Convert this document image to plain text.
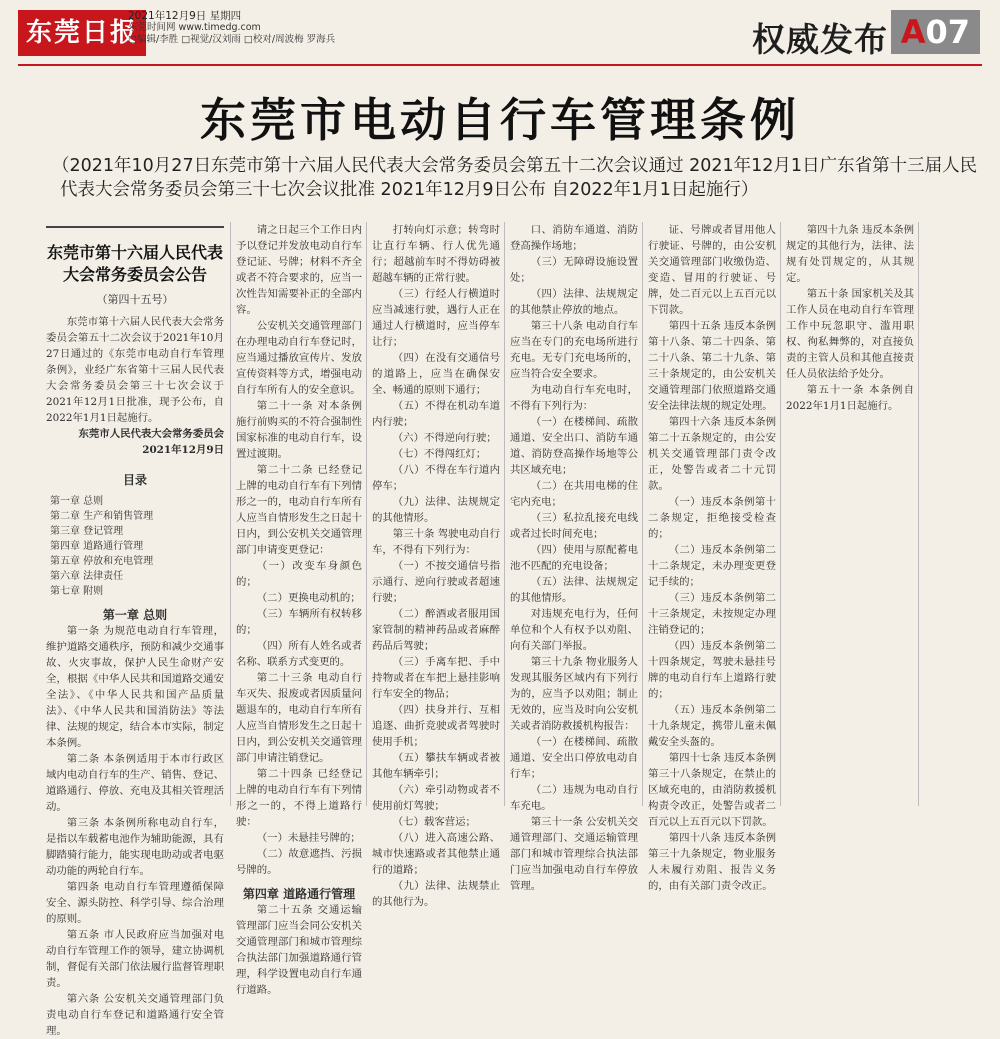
东莞日报
2021年12月9日 星期四
东莞时间网 www.timedg.com
□编辑/李胜 □视觉/汉刘雨 □校对/周波梅 罗海兵	权威发布 A07
东莞市电动自行车管理条例
（2021年10月27日东莞市第十六届人民代表大会常务委员会第五十二次会议通过 2021年12月1日广东省第十三届人民代表大会常务委员会第三十七次会议批准 2021年12月9日公布 自2022年1月1日起施行）
东莞市第十六届人民代表大会常务委员会公告
（第四十五号）

东莞市第十六届人民代表大会常务委员会第五十二次会议于2021年10月27日通过的《东莞市电动自行车管理条例》，业经广东省第十三届人民代表大会常务委员会第三十七次会议于2021年12月1日批准，现予公布，自2022年1月1日起施行。

东莞市人民代表大会常务委员会

2021年12月9日

目录
第一章 总则
第二章 生产和销售管理
第三章 登记管理
第四章 道路通行管理
第五章 停放和充电管理
第六章 法律责任
第七章 附则

第一章 总则

第一条 为规范电动自行车管理，维护道路交通秩序，预防和减少交通事故、火灾事故，保护人民生命财产安全，根据《中华人民共和国道路交通安全法》、《中华人民共和国产品质量法》、《中华人民共和国消防法》等法律、法规的规定，结合本市实际，制定本条例。

第二条 本条例适用于本市行政区域内电动自行车的生产、销售、登记、道路通行、停放、充电及其相关管理活动。

第三条 本条例所称电动自行车，是指以车载蓄电池作为辅助能源，具有脚踏骑行能力，能实现电助动或者电驱动功能的两轮自行车。

第四条 电动自行车管理遵循保障安全、源头防控、科学引导、综合治理的原则。

第五条 市人民政府应当加强对电动自行车管理工作的领导，建立协调机制，督促有关部门依法履行监督管理职责。

第六条 公安机关交通管理部门负责电动自行车登记和道路通行安全管理。

请之日起三个工作日内予以登记并发放电动自行车登记证、号牌；材料不齐全或者不符合要求的，应当一次性告知需要补正的全部内容。

公安机关交通管理部门在办理电动自行车登记时，应当通过播放宣传片、发放宣传资料等方式，增强电动自行车所有人的安全意识。

第二十一条 对本条例施行前购买的不符合强制性国家标准的电动自行车，设置过渡期。

第二十二条 已经登记上牌的电动自行车有下列情形之一的，电动自行车所有人应当自情形发生之日起十日内，到公安机关交通管理部门申请变更登记：

（一）改变车身颜色的；

（二）更换电动机的；

（三）车辆所有权转移的；

（四）所有人姓名或者名称、联系方式变更的。

第二十三条 电动自行车灭失、报废或者因质量问题退车的，电动自行车所有人应当自情形发生之日起十日内，到公安机关交通管理部门申请注销登记。

第二十四条 已经登记上牌的电动自行车有下列情形之一的，不得上道路行驶：

（一）未悬挂号牌的；

（二）故意遮挡、污损号牌的。

第四章 道路通行管理

第二十五条 交通运输管理部门应当会同公安机关交通管理部门和城市管理综合执法部门加强道路通行管理，科学设置电动自行车通行道路。

打转向灯示意；转弯时让直行车辆、行人优先通行；超越前车时不得妨碍被超越车辆的正常行驶。

（三）行经人行横道时应当减速行驶，遇行人正在通过人行横道时，应当停车让行；

（四）在没有交通信号的道路上，应当在确保安全、畅通的原则下通行；

（五）不得在机动车道内行驶；

（六）不得逆向行驶；

（七）不得闯红灯；

（八）不得在车行道内停车；

（九）法律、法规规定的其他情形。

第三十条 驾驶电动自行车，不得有下列行为：

（一）不按交通信号指示通行、逆向行驶或者超速行驶；

（二）醉酒或者服用国家管制的精神药品或者麻醉药品后驾驶；

（三）手离车把、手中持物或者在车把上悬挂影响行车安全的物品；

（四）扶身并行、互相追逐、曲折竞驶或者驾驶时使用手机；

（五）攀扶车辆或者被其他车辆牵引；

（六）牵引动物或者不使用前灯驾驶；

（七）载客营运；

（八）进入高速公路、城市快速路或者其他禁止通行的道路；

（九）法律、法规禁止的其他行为。

口、消防车通道、消防登高操作场地；

（三）无障碍设施设置处；

（四）法律、法规规定的其他禁止停放的地点。

第三十八条 电动自行车应当在专门的充电场所进行充电。无专门充电场所的，应当符合安全要求。

为电动自行车充电时，不得有下列行为：

（一）在楼梯间、疏散通道、安全出口、消防车通道、消防登高操作场地等公共区域充电；

（二）在共用电梯的住宅内充电；

（三）私拉乱接充电线或者过长时间充电；

（四）使用与原配蓄电池不匹配的充电设备；

（五）法律、法规规定的其他情形。

对违规充电行为，任何单位和个人有权予以劝阻、向有关部门举报。

第三十九条 物业服务人发现其服务区域内有下列行为的，应当予以劝阻；制止无效的，应当及时向公安机关或者消防救援机构报告：

（一）在楼梯间、疏散通道、安全出口停放电动自行车；

（二）违规为电动自行车充电。

第三十一条 公安机关交通管理部门、交通运输管理部门和城市管理综合执法部门应当加强电动自行车停放管理。

证、号牌或者冒用他人行驶证、号牌的，由公安机关交通管理部门收缴伪造、变造、冒用的行驶证、号牌，处二百元以上五百元以下罚款。

第四十五条 违反本条例第十八条、第二十四条、第二十八条、第二十九条、第三十条规定的，由公安机关交通管理部门依照道路交通安全法律法规的规定处理。

第四十六条 违反本条例第二十五条规定的，由公安机关交通管理部门责令改正，处警告或者二十元罚款。

（一）违反本条例第十二条规定，拒绝接受检查的；

（二）违反本条例第二十二条规定，未办理变更登记手续的；

（三）违反本条例第二十三条规定，未按规定办理注销登记的；

（四）违反本条例第二十四条规定，驾驶未悬挂号牌的电动自行车上道路行驶的；

（五）违反本条例第二十九条规定，携带儿童未佩戴安全头盔的。

第四十七条 违反本条例第三十八条规定，在禁止的区域充电的，由消防救援机构责令改正，处警告或者二百元以上五百元以下罚款。

第四十八条 违反本条例第三十九条规定，物业服务人未履行劝阻、报告义务的，由有关部门责令改正。

第四十九条 违反本条例规定的其他行为，法律、法规有处罚规定的，从其规定。

第五十条 国家机关及其工作人员在电动自行车管理工作中玩忽职守、滥用职权、徇私舞弊的，对直接负责的主管人员和其他直接责任人员依法给予处分。

第五十一条 本条例自2022年1月1日起施行。
